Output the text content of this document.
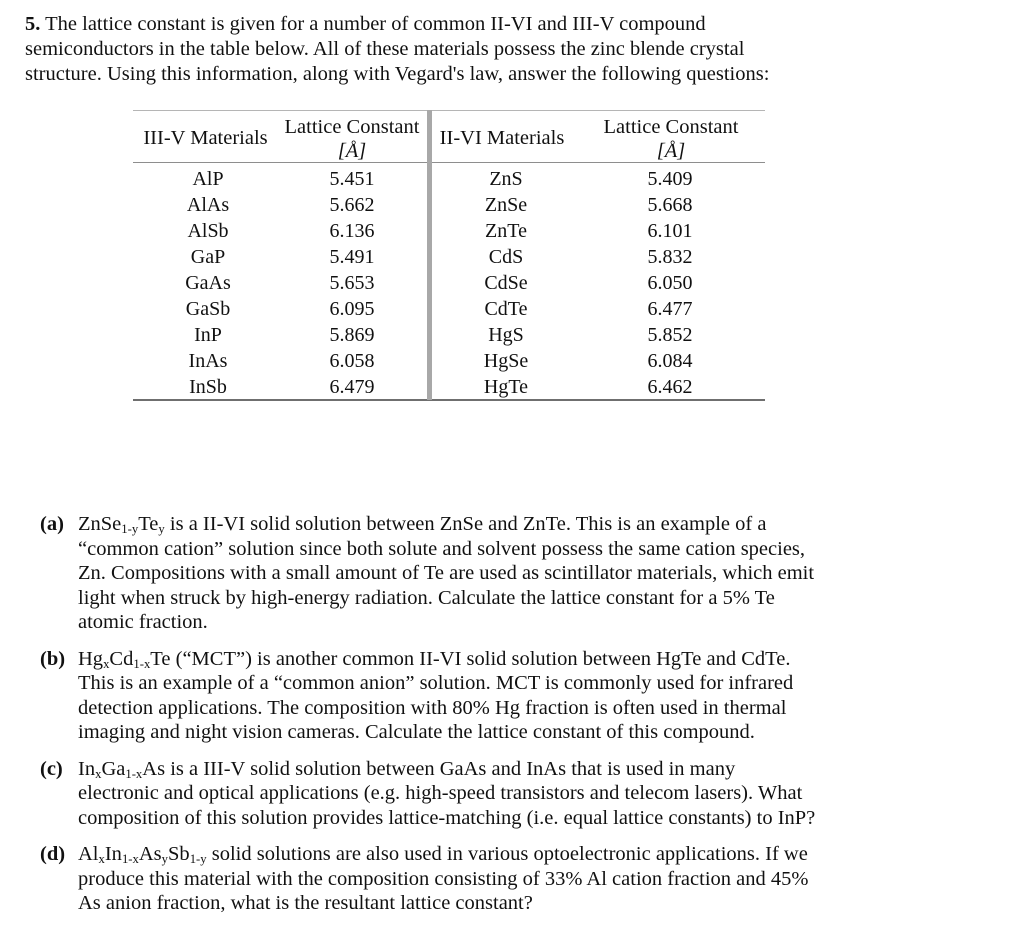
5. The lattice constant is given for a number of common II-VI and III-V compound
semiconductors in the table below. All of these materials possess the zinc blende crystal
structure. Using this information, along with Vegard's law, answer the following questions:
III-V Materials Lattice Constant
[Å]
II-VI Materials	Lattice Constant
[Å]
AlP
AlAs
AlSb
GaP
GaAs
GaSb
InP
InAs
InSb
5.451
5.662
6.136
5.491
5.653
6.095
5.869
6.058
6.479
ZnS
ZnSe
ZnTe
CdS
CdSe
CdTe
HgS
HgSe
HgTe
5.409
5.668
6.101
5.832
6.050
6.477
5.852
6.084
6.462
(a) $ZnSe_{1-y}Te_y$ is a II-VI solid solution between ZnSe and ZnTe. This is an example of a
“common cation” solution since both solute and solvent possess the same cation species,
Zn. Compositions with a small amount of Te are used as scintillator materials, which emit
light when struck by high-energy radiation. Calculate the lattice constant for a 5% Te
atomic fraction.
(b) $Hg_xCd_{1-x}Te$ (“MCT”) is another common II-VI solid solution between HgTe and CdTe.
This is an example of a “common anion” solution. MCT is commonly used for infrared
detection applications. The composition with 80% Hg fraction is often used in thermal
imaging and night vision cameras. Calculate the lattice constant of this compound.
(c) $In_xGa_{1-x}As$ is a III-V solid solution between GaAs and InAs that is used in many
electronic and optical applications (e.g. high-speed transistors and telecom lasers). What
composition of this solution provides lattice-matching (i.e. equal lattice constants) to InP?
(d) $Al_xIn_{1-x}As_ySb_{1-y}$ solid solutions are also used in various optoelectronic applications. If we
produce this material with the composition consisting of 33% Al cation fraction and 45%
As anion fraction, what is the resultant lattice constant?
